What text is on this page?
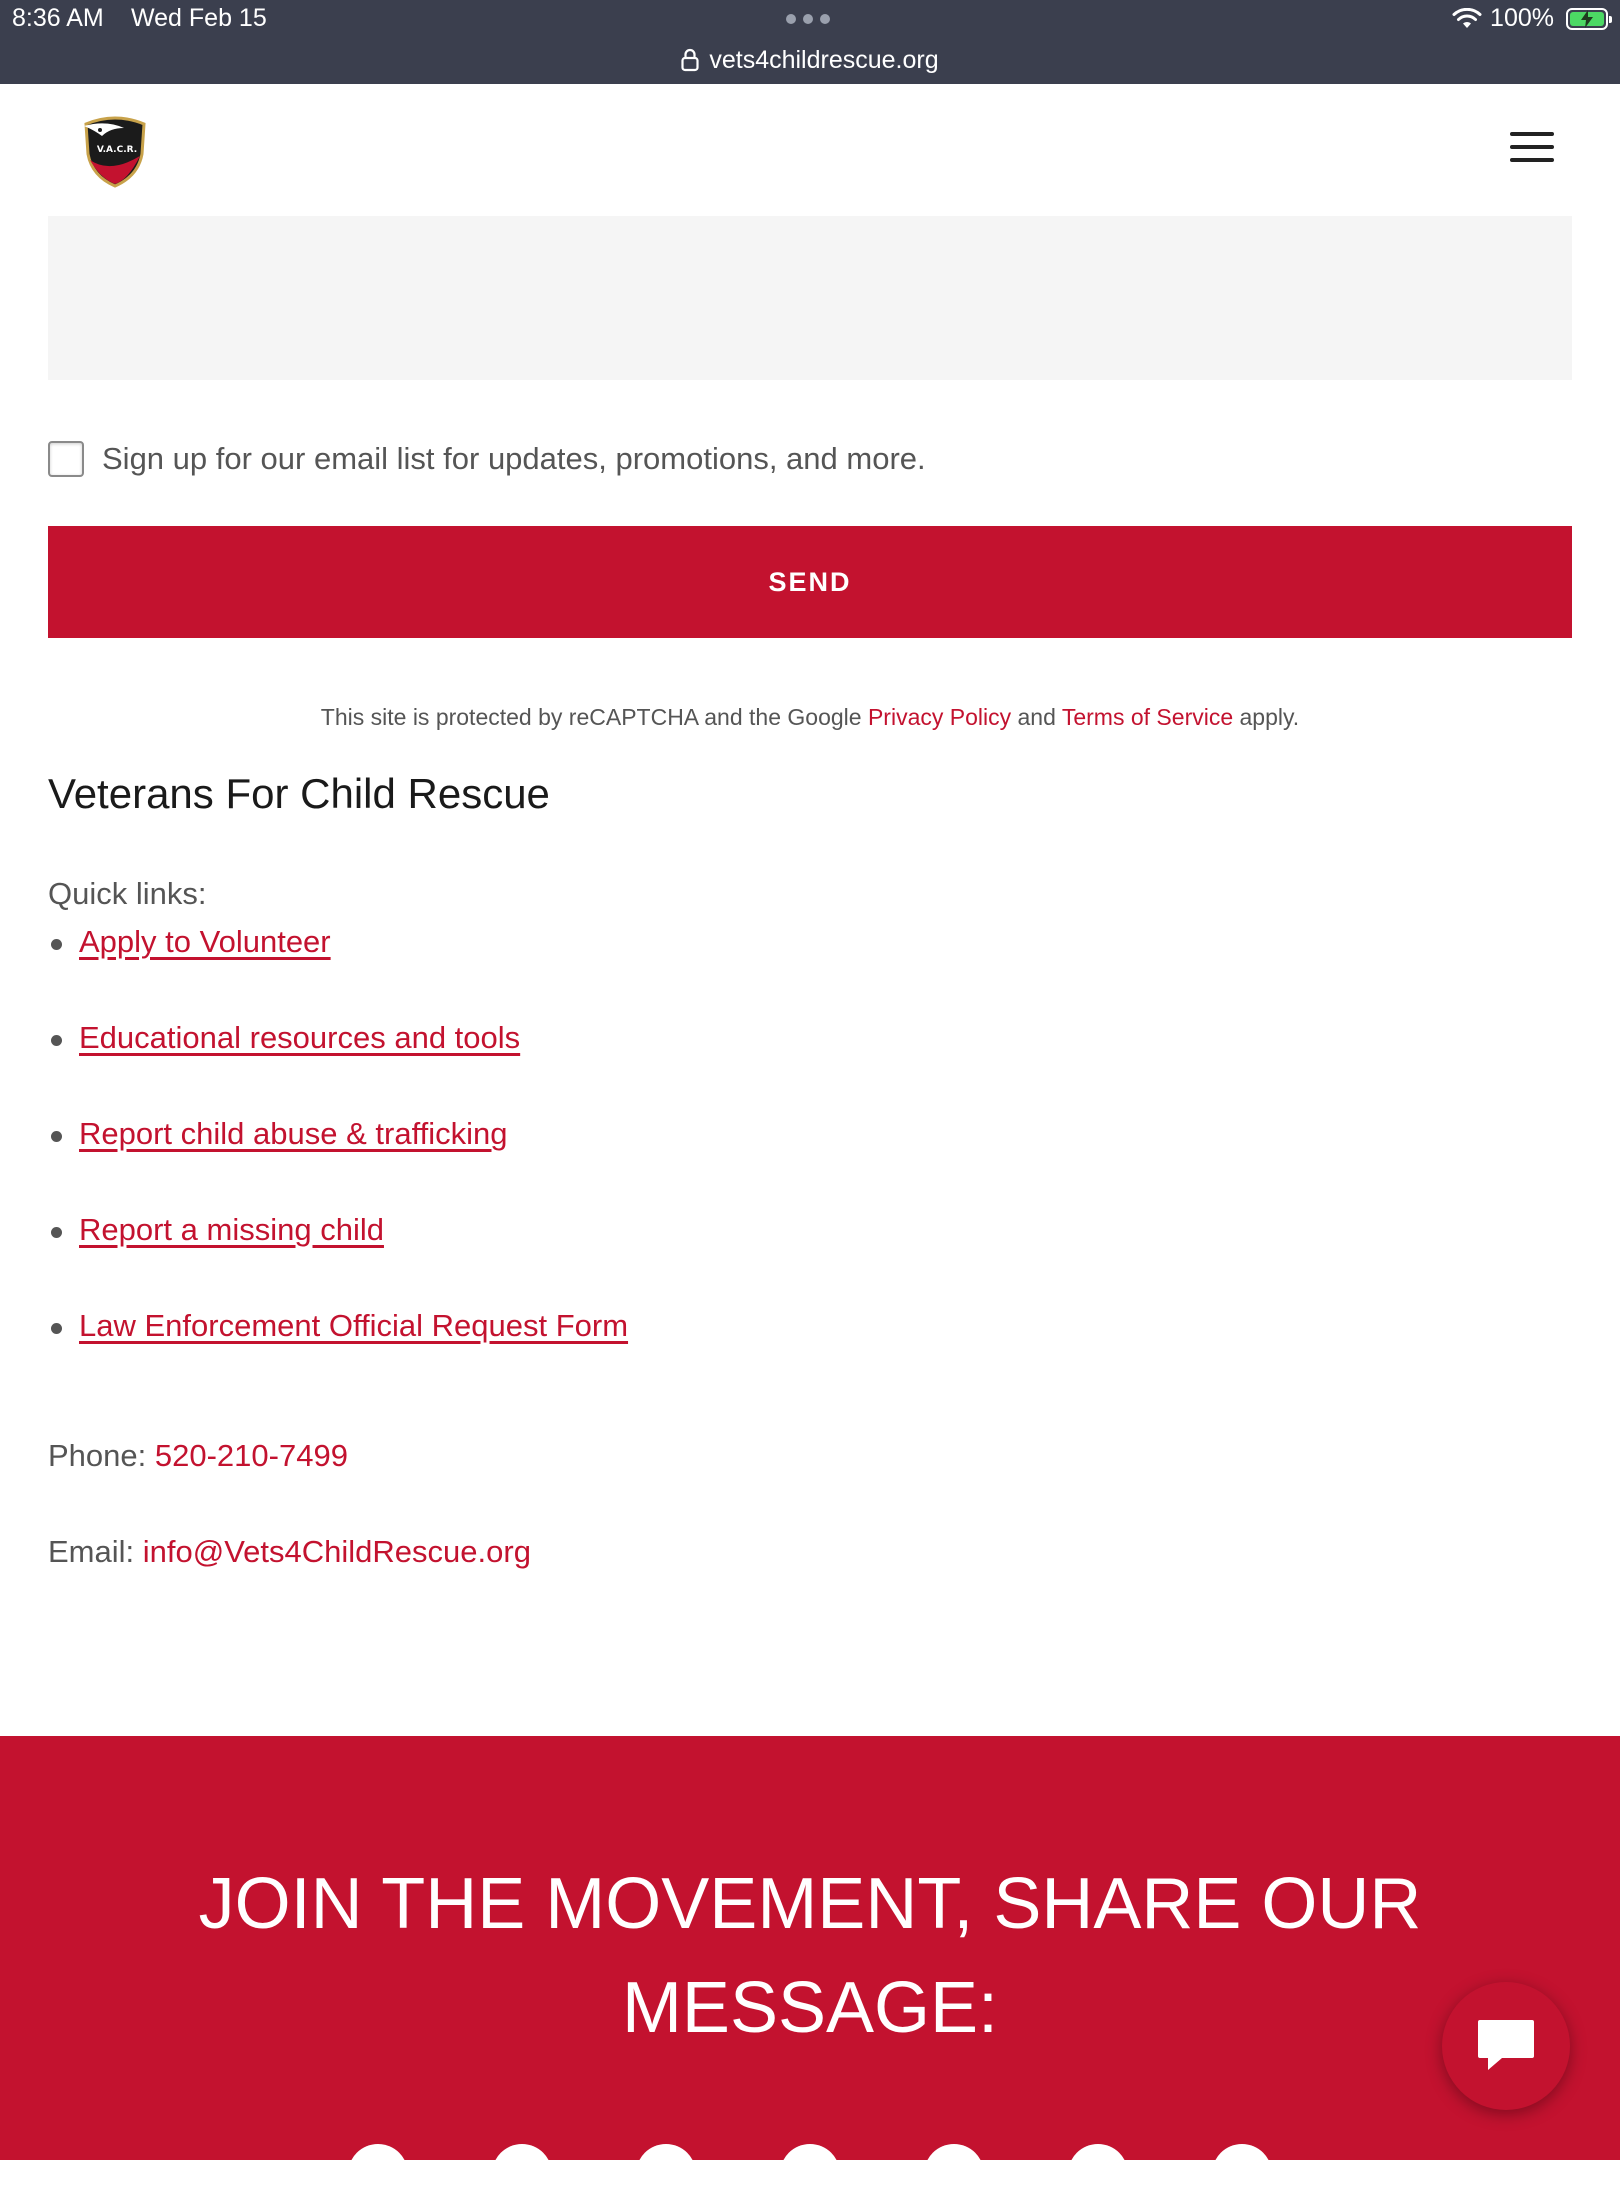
8:36 AM Wed Feb 15
vets4childrescue.org
100%
V.A.C.R.
Sign up for our email list for updates, promotions, and more.
SEND
This site is protected by reCAPTCHA and the Google Privacy Policy and Terms of Service apply.
Veterans For Child Rescue
Quick links:
Apply to Volunteer
Educational resources and tools
Report child abuse & trafficking
Report a missing child
Law Enforcement Official Request Form
Phone: 520-210-7499
Email: info@Vets4ChildRescue.org
JOIN THE MOVEMENT, SHARE OUR
MESSAGE:
